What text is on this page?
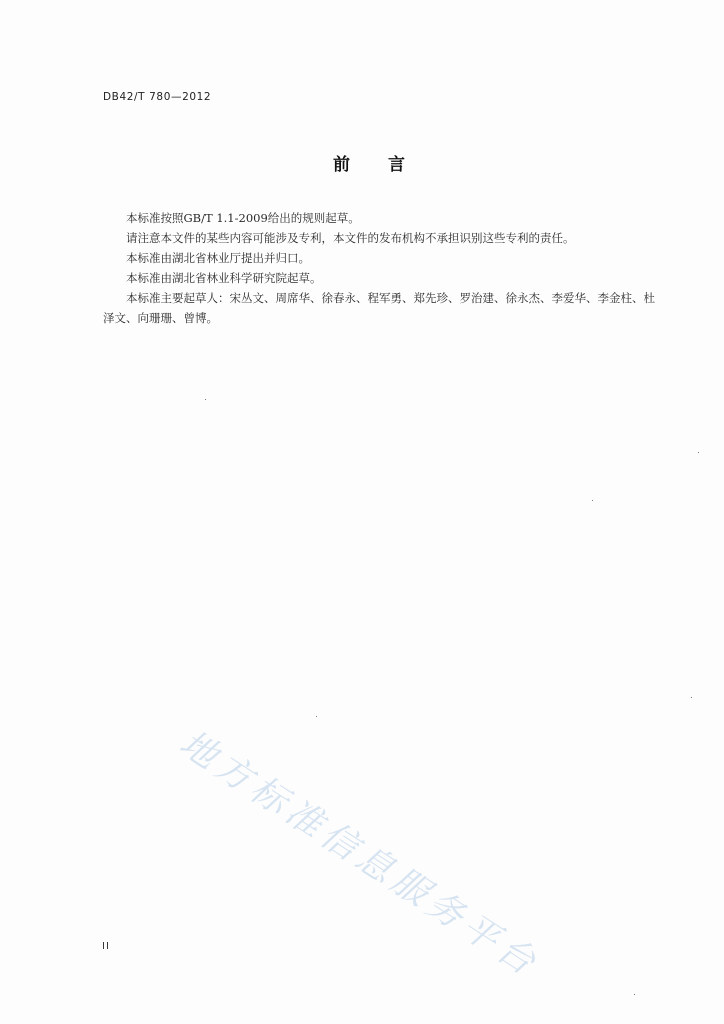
DB42/T 780—2012
前言

本标准按照GB/T 1.1-2009给出的规则起草。

请注意本文件的某些内容可能涉及专利，本文件的发布机构不承担识别这些专利的责任。

本标准由湖北省林业厅提出并归口。

本标准由湖北省林业科学研究院起草。

本标准主要起草人：宋丛文、周席华、徐春永、程军勇、郑先珍、罗治建、徐永杰、李爱华、李金柱、杜泽文、向珊珊、曾博。

地方标准信息服务平台
II
